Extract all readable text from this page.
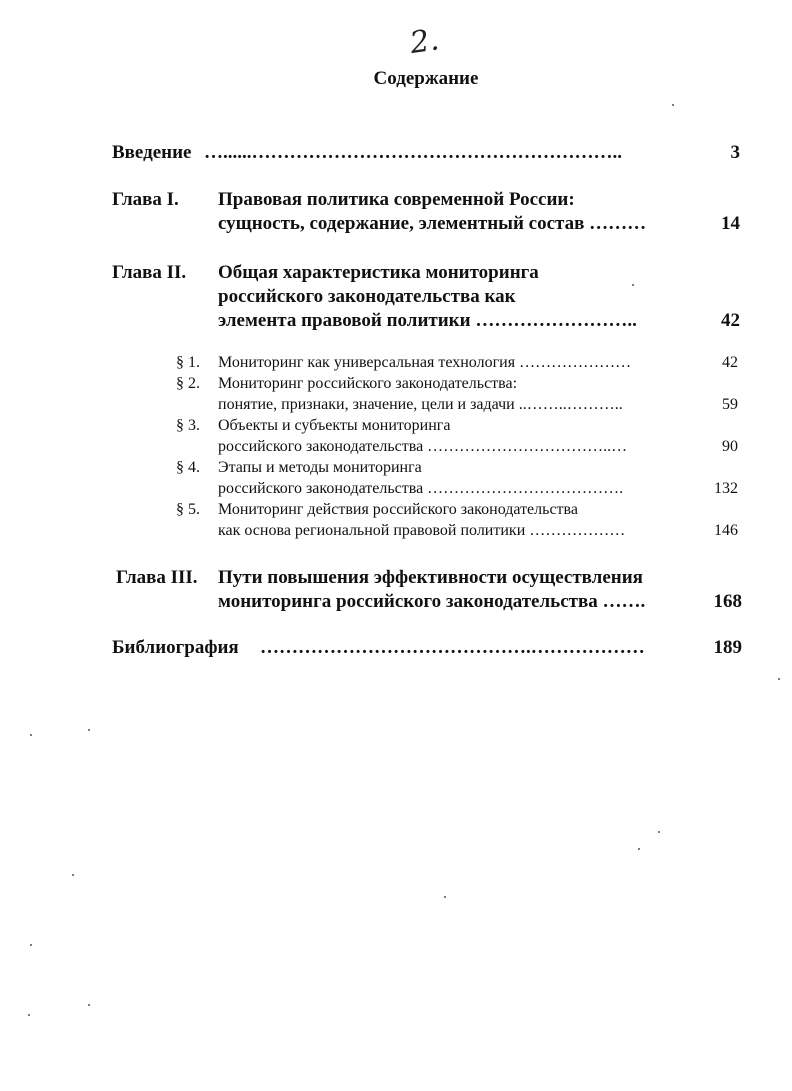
2.
Содержание
Введение …......…………………………………………………..	3
Глава I. Правовая политика современной России:
сущность, содержание, элементный состав ………	14
Глава II. Общая характеристика мониторинга
российского законодательства как
элемента правовой политики ……………………..	42
§ 1. Мониторинг как универсальная технология …………………	42
§ 2. Мониторинг российского законодательства:
понятие, признаки, значение, цели и задачи ..……..………..	59
§ 3. Объекты и субъекты мониторинга
российского законодательства ……………………………..…	90
§ 4. Этапы и методы мониторинга
российского законодательства ……………………………….	132
§ 5. Мониторинг действия российского законодательства
как основа региональной правовой политики ………………	146
Глава III. Пути повышения эффективности осуществления
мониторинга российского законодательства …….	168
Библиография …………………………………….………………	189
